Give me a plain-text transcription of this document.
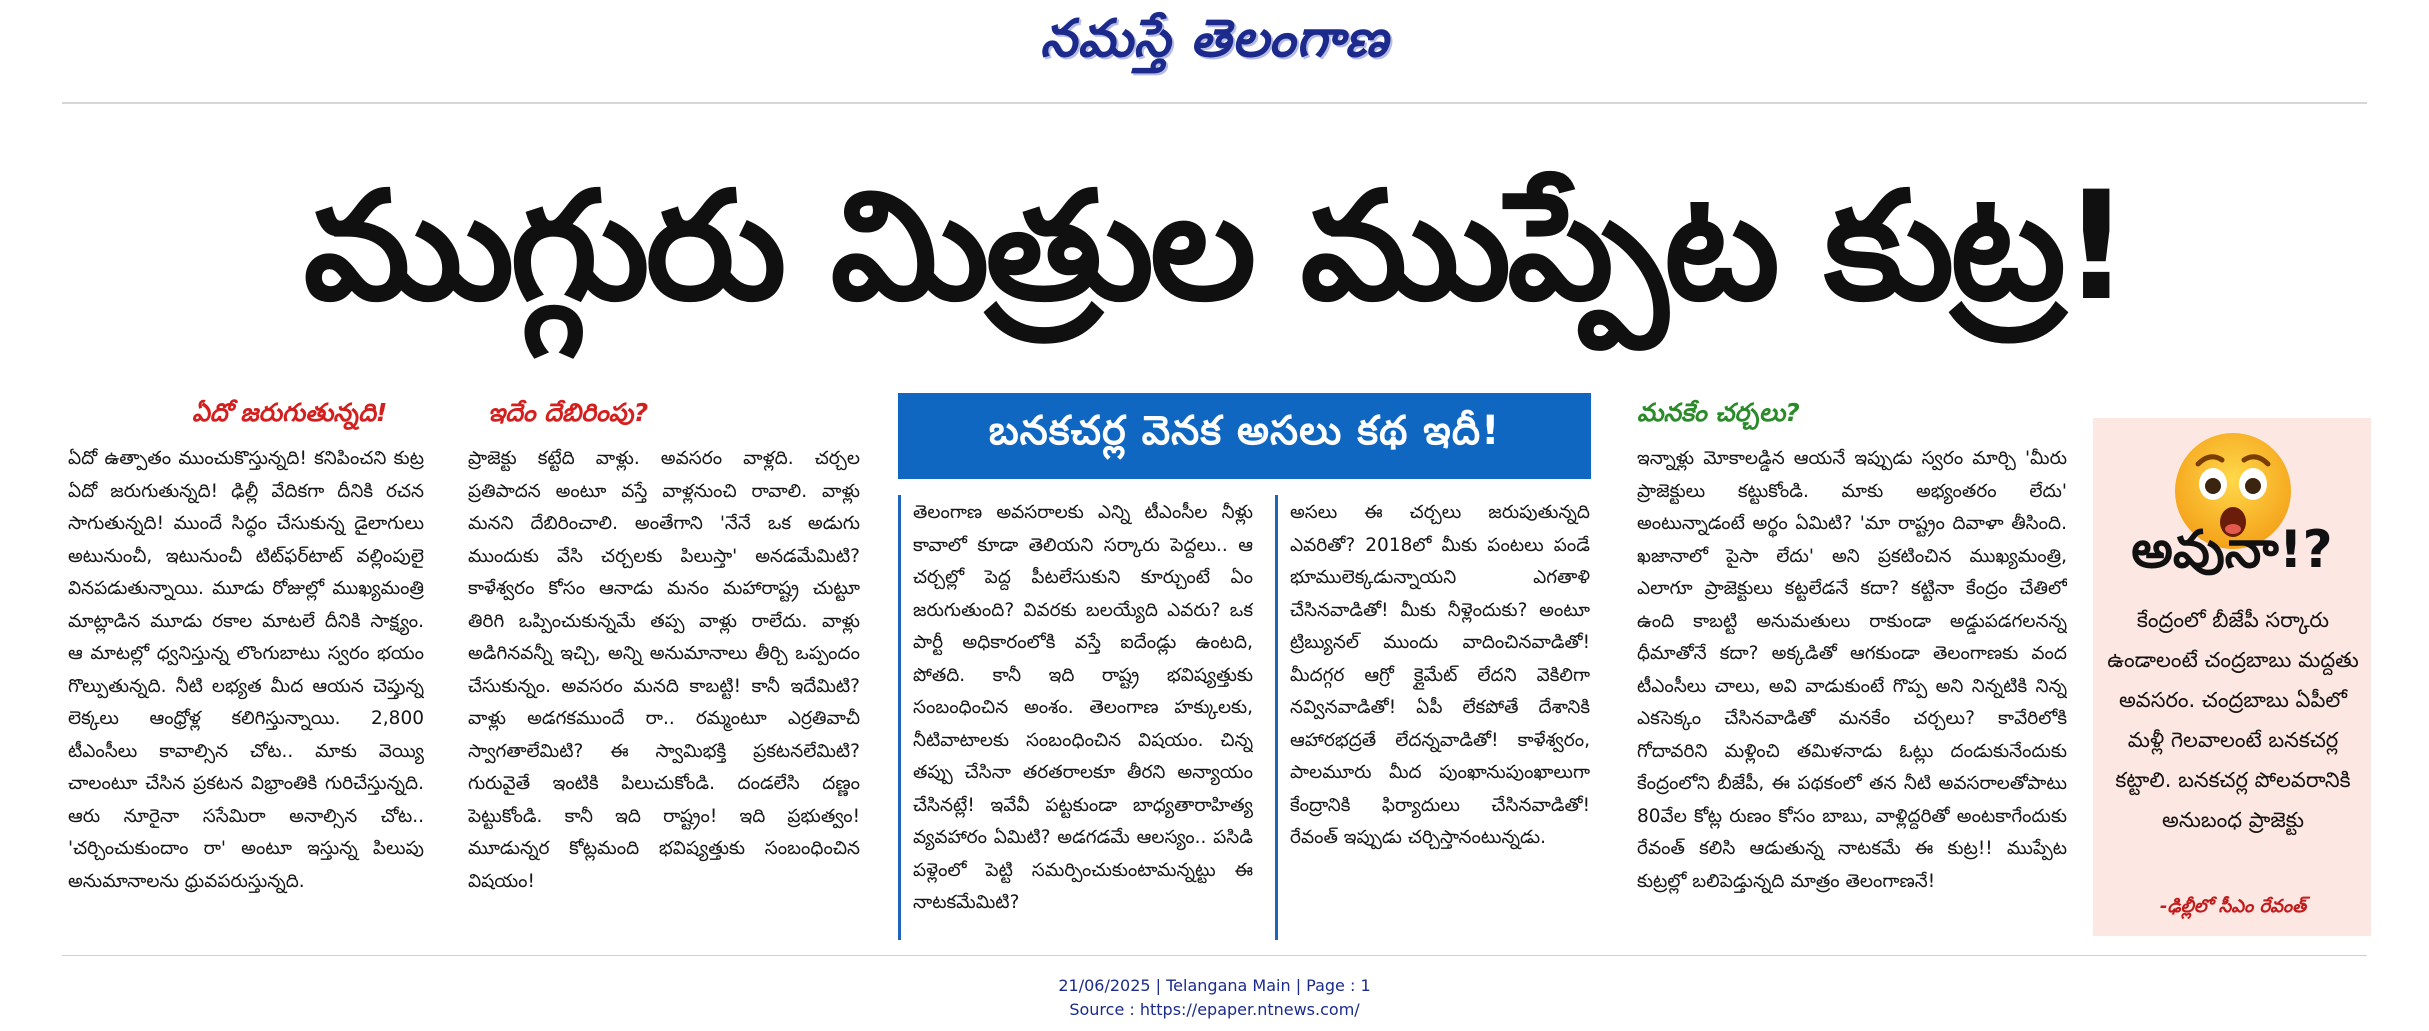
నమస్తే తెలంగాణ
ముగ్గురు మిత్రుల ముప్పేట కుట్ర!
ఏదో జరుగుతున్నది!
ఏదో ఉత్పాతం ముంచుకొస్తున్నది! కనిపించని కుట్ర ఏదో జరుగుతున్నది! ఢిల్లీ వేదికగా దీనికి రచన సాగుతున్నది! ముందే సిద్ధం చేసుకున్న డైలాగులు అటునుంచీ, ఇటునుంచీ టిట్‌ఫర్‌టాట్ వల్లింపులై వినపడుతున్నాయి. మూడు రోజుల్లో ముఖ్యమంత్రి మాట్లాడిన మూడు రకాల మాటలే దీనికి సాక్ష్యం. ఆ మాటల్లో ధ్వనిస్తున్న లొంగుబాటు స్వరం భయం గొల్పుతున్నది. నీటి లభ్యత మీద ఆయన చెప్తున్న లెక్కలు ఆంధ్రోళ్ల కలిగిస్తున్నాయి. 2,800 టీఎంసీలు కావాల్సిన చోట.. మాకు వెయ్యి చాలంటూ చేసిన ప్రకటన విభ్రాంతికి గురిచేస్తున్నది. ఆరు నూరైనా ససేమిరా అనాల్సిన చోట.. 'చర్చించుకుందాం రా' అంటూ ఇస్తున్న పిలుపు అనుమానాలను ధ్రువపరుస్తున్నది.
ఇదేం దేబిరింపు?
ప్రాజెక్టు కట్టేది వాళ్లు. అవసరం వాళ్లది. చర్చల ప్రతిపాదన అంటూ వస్తే వాళ్లనుంచి రావాలి. వాళ్లు మనని దేబిరించాలి. అంతేగాని 'నేనే ఒక అడుగు ముందుకు వేసి చర్చలకు పిలుస్తా' అనడమేమిటి? కాళేశ్వరం కోసం ఆనాడు మనం మహారాష్ట్ర చుట్టూ తిరిగి ఒప్పించుకున్నమే తప్ప వాళ్లు రాలేదు. వాళ్లు అడిగినవన్నీ ఇచ్చి, అన్ని అనుమానాలు తీర్చి ఒప్పందం చేసుకున్నం. అవసరం మనది కాబట్టి! కానీ ఇదేమిటి? వాళ్లు అడగకముందే రా.. రమ్మంటూ ఎర్రతివాచీ స్వాగతాలేమిటి? ఈ స్వామిభక్తి ప్రకటనలేమిటి? గురువైతే ఇంటికి పిలుచుకోండి. దండలేసి దణ్ణం పెట్టుకోండి. కానీ ఇది రాష్ట్రం! ఇది ప్రభుత్వం! మూడున్నర కోట్లమంది భవిష్యత్తుకు సంబంధించిన విషయం!
బనకచర్ల వెనక అసలు కథ ఇదీ!
తెలంగాణ అవసరాలకు ఎన్ని టీఎంసీల నీళ్లు కావాలో కూడా తెలియని సర్కారు పెద్దలు.. ఆ చర్చల్లో పెద్ద పీటలేసుకుని కూర్చుంటే ఏం జరుగుతుంది? వివరకు బలయ్యేది ఎవరు? ఒక పార్టీ అధికారంలోకి వస్తే ఐదేండ్లు ఉంటది, పోతది. కానీ ఇది రాష్ట్ర భవిష్యత్తుకు సంబంధించిన అంశం. తెలంగాణ హక్కులకు, నీటివాటాలకు సంబంధించిన విషయం. చిన్న తప్పు చేసినా తరతరాలకూ తీరని అన్యాయం చేసినట్లే! ఇవేవీ పట్టకుండా బాధ్యతారాహిత్య వ్యవహారం ఏమిటి? అడగడమే ఆలస్యం.. పసిడి పళ్లెంలో పెట్టి సమర్పించుకుంటామన్నట్టు ఈ నాటకమేమిటి?
అసలు ఈ చర్చలు జరుపుతున్నది ఎవరితో? 2018లో మీకు పంటలు పండే భూములెక్కడున్నాయని ఎగతాళి చేసినవాడితో! మీకు నీళ్లెందుకు? అంటూ ట్రిబ్యునల్ ముందు వాదించినవాడితో! మీదగ్గర ఆగ్రో క్లైమేట్ లేదని వెకిలిగా నవ్వినవాడితో! ఏపీ లేకపోతే దేశానికి ఆహారభద్రతే లేదన్నవాడితో! కాళేశ్వరం, పాలమూరు మీద పుంఖానుపుంఖాలుగా కేంద్రానికి ఫిర్యాదులు చేసినవాడితో! రేవంత్ ఇప్పుడు చర్చిస్తానంటున్నడు.
మనకేం చర్చలు?
ఇన్నాళ్లు మోకాలడ్డిన ఆయనే ఇప్పుడు స్వరం మార్చి 'మీరు ప్రాజెక్టులు కట్టుకోండి. మాకు అభ్యంతరం లేదు' అంటున్నాడంటే అర్థం ఏమిటి? 'మా రాష్ట్రం దివాళా తీసింది. ఖజానాలో పైసా లేదు' అని ప్రకటించిన ముఖ్యమంత్రి, ఎలాగూ ప్రాజెక్టులు కట్టలేడనే కదా? కట్టినా కేంద్రం చేతిలో ఉంది కాబట్టి అనుమతులు రాకుండా అడ్డుపడగలనన్న ధీమాతోనే కదా? అక్కడితో ఆగకుండా తెలంగాణకు వంద టీఎంసీలు చాలు, అవి వాడుకుంటే గొప్ప అని నిన్నటికి నిన్న ఎకసెక్కం చేసినవాడితో మనకేం చర్చలు? కావేరిలోకి గోదావరిని మళ్లించి తమిళనాడు ఓట్లు దండుకునేందుకు కేంద్రంలోని బీజేపీ, ఈ పథకంలో తన నీటి అవసరాలతోపాటు 80వేల కోట్ల రుణం కోసం బాబు, వాళ్లిద్దరితో అంటకాగేందుకు రేవంత్ కలిసి ఆడుతున్న నాటకమే ఈ కుట్ర!! ముప్పేట కుట్రల్లో బలిపెడ్తున్నది మాత్రం తెలంగాణనే!
అవునా!?
కేంద్రంలో బీజేపీ సర్కారు ఉండాలంటే చంద్రబాబు మద్దతు అవసరం. చంద్రబాబు ఏపీలో మళ్లీ గెలవాలంటే బనకచర్ల కట్టాలి. బనకచర్ల పోలవరానికి అనుబంధ ప్రాజెక్టు
-ఢిల్లీలో సీఎం రేవంత్
21/06/2025 | Telangana Main | Page : 1
Source : https://epaper.ntnews.com/
